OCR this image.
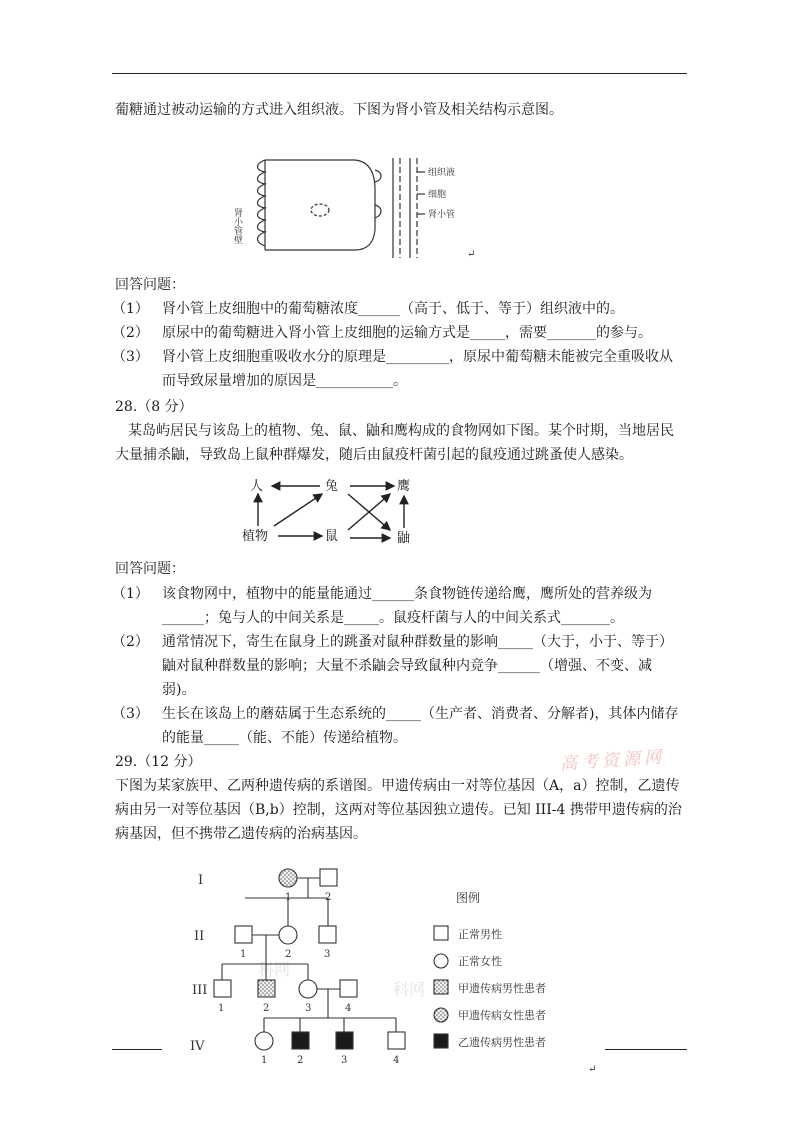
葡糖通过被动运输的方式进入组织液。下图为肾小管及相关结构示意图。
肾小管壁
组织液
细胞
肾小管
↵
回答问题：
（1） 肾小管上皮细胞中的葡萄糖浓度______（高于、低于、等于）组织液中的。
（2） 原尿中的葡萄糖进入肾小管上皮细胞的运输方式是_____，需要_______的参与。
（3） 肾小管上皮细胞重吸收水分的原理是_________，原尿中葡萄糖未能被完全重吸收从
而导致尿量增加的原因是___________。
28.（8 分）
某岛屿居民与该岛上的植物、兔、鼠、鼬和鹰构成的食物网如下图。某个时期，当地居民
大量捕杀鼬，导致岛上鼠种群爆发，随后由鼠疫杆菌引起的鼠疫通过跳蚤使人感染。
人	兔	鹰
植物	鼠	鼬
回答问题：
（1） 该食物网中，植物中的能量能通过______条食物链传递给鹰，鹰所处的营养级为
______；兔与人的中间关系是_____。鼠疫杆菌与人的中间关系式_______。
（2） 通常情况下，寄生在鼠身上的跳蚤对鼠种群数量的影响_____（大于，小于、等于）
鼬对鼠种群数量的影响；大量不杀鼬会导致鼠种内竞争______（增强、不变、减
弱)。
（3） 生长在该岛上的蘑菇属于生态系统的_____（生产者、消费者、分解者)，其体内储存
的能量_____（能、不能）传递给植物。
29.（12 分）	高考资源网
下图为某家族甲、乙两种遗传病的系谱图。甲遗传病由一对等位基因（A，a）控制，乙遗传
病由另一对等位基因（B,b）控制，这两对等位基因独立遗传。已知 III-4 携带甲遗传病的治
病基因，但不携带乙遗传病的治病基因。
科网
科网
I
II
III
IV
1	2
1	2	3
1	2	3	4
1	2	3	4
图例
正常男性
正常女性
甲遗传病男性患者
甲遗传病女性患者
乙遗传病男性患者
↵
